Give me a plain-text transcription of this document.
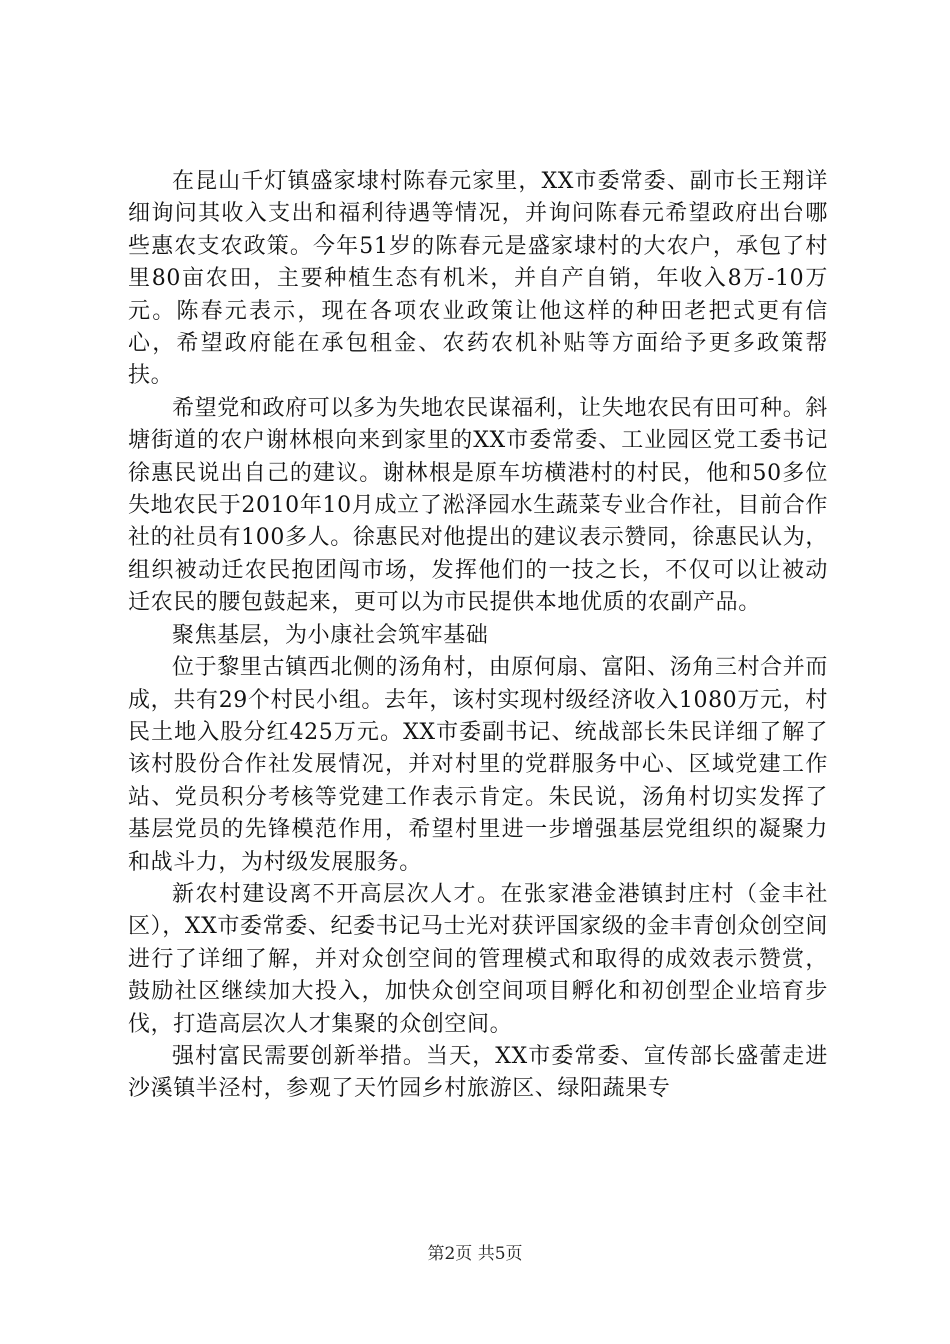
在昆山千灯镇盛家埭村陈春元家里，XX市委常委、副市长王翔详细询问其收入支出和福利待遇等情况，并询问陈春元希望政府出台哪些惠农支农政策。今年51岁的陈春元是盛家埭村的大农户，承包了村里80亩农田，主要种植生态有机米，并自产自销，年收入8万-10万元。陈春元表示，现在各项农业政策让他这样的种田老把式更有信心，希望政府能在承包租金、农药农机补贴等方面给予更多政策帮扶。

希望党和政府可以多为失地农民谋福利，让失地农民有田可种。斜塘街道的农户谢林根向来到家里的XX市委常委、工业园区党工委书记徐惠民说出自己的建议。谢林根是原车坊横港村的村民，他和50多位失地农民于2010年10月成立了淞泽园水生蔬菜专业合作社，目前合作社的社员有100多人。徐惠民对他提出的建议表示赞同，徐惠民认为，组织被动迁农民抱团闯市场，发挥他们的一技之长，不仅可以让被动迁农民的腰包鼓起来，更可以为市民提供本地优质的农副产品。

聚焦基层，为小康社会筑牢基础

位于黎里古镇西北侧的汤角村，由原何扇、富阳、汤角三村合并而成，共有29个村民小组。去年，该村实现村级经济收入1080万元，村民土地入股分红425万元。XX市委副书记、统战部长朱民详细了解了该村股份合作社发展情况，并对村里的党群服务中心、区域党建工作站、党员积分考核等党建工作表示肯定。朱民说，汤角村切实发挥了基层党员的先锋模范作用，希望村里进一步增强基层党组织的凝聚力和战斗力，为村级发展服务。

新农村建设离不开高层次人才。在张家港金港镇封庄村（金丰社区），XX市委常委、纪委书记马士光对获评国家级的金丰青创众创空间进行了详细了解，并对众创空间的管理模式和取得的成效表示赞赏，鼓励社区继续加大投入，加快众创空间项目孵化和初创型企业培育步伐，打造高层次人才集聚的众创空间。

强村富民需要创新举措。当天，XX市委常委、宣传部长盛蕾走进沙溪镇半泾村，参观了天竹园乡村旅游区、绿阳蔬果专

第2页 共5页
